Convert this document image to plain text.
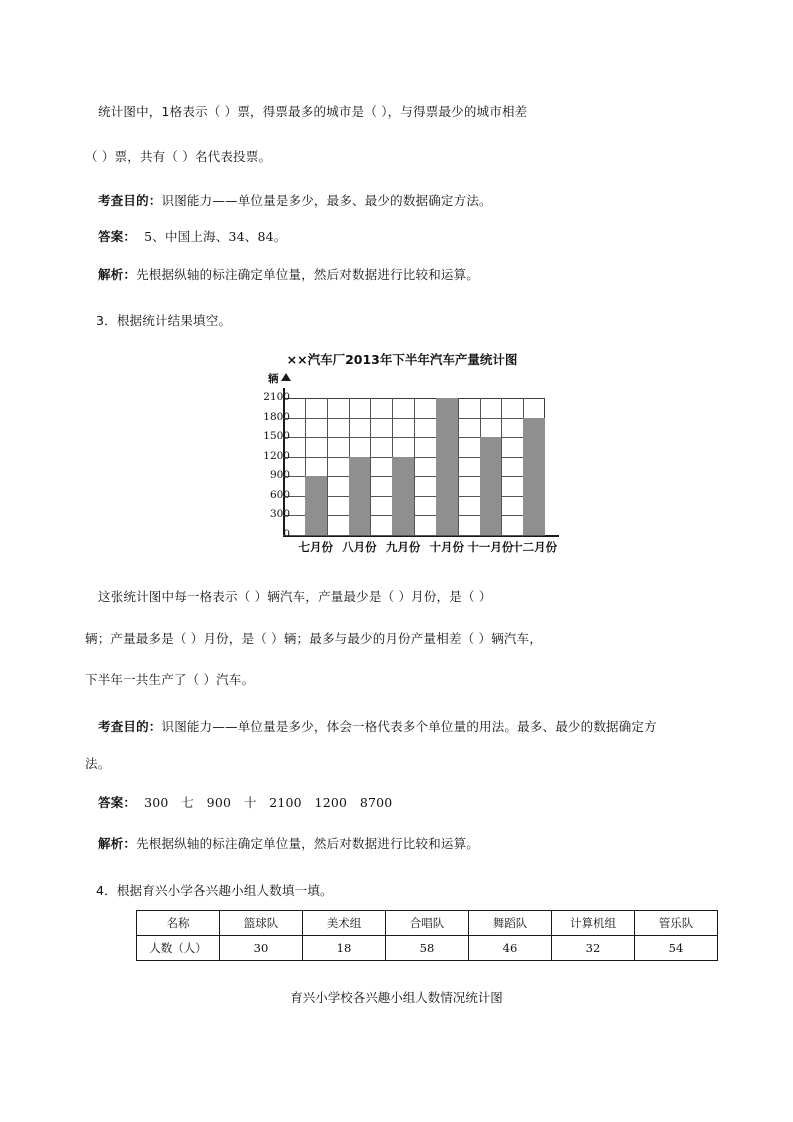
统计图中，1格表示（ ）票，得票最多的城市是（ ），与得票最少的城市相差
（ ）票，共有（ ）名代表投票。
考查目的：识图能力——单位量是多少，最多、最少的数据确定方法。
答案： 5、中国上海、34、84。
解析：先根据纵轴的标注确定单位量，然后对数据进行比较和运算。
3．根据统计结果填空。
××汽车厂2013年下半年汽车产量统计图
辆
2100
1800
1500
1200
900
600
300
0
七月份 八月份 九月份 十月份 十一月份
十二月份
这张统计图中每一格表示（ ）辆汽车，产量最少是（ ）月份，是（ ）
辆；产量最多是（ ）月份，是（ ）辆；最多与最少的月份产量相差（ ）辆汽车，
下半年一共生产了（ ）汽车。
考查目的：识图能力——单位量是多少，体会一格代表多个单位量的用法。最多、最少的数据确定方
法。
答案： 300　七　900　十　2100　1200　8700
解析：先根据纵轴的标注确定单位量，然后对数据进行比较和运算。
4．根据育兴小学各兴趣小组人数填一填。
名称	篮球队	美术组	合唱队	舞蹈队	计算机组	管乐队
人数（人）	30	18	58	46	32	54
育兴小学校各兴趣小组人数情况统计图
